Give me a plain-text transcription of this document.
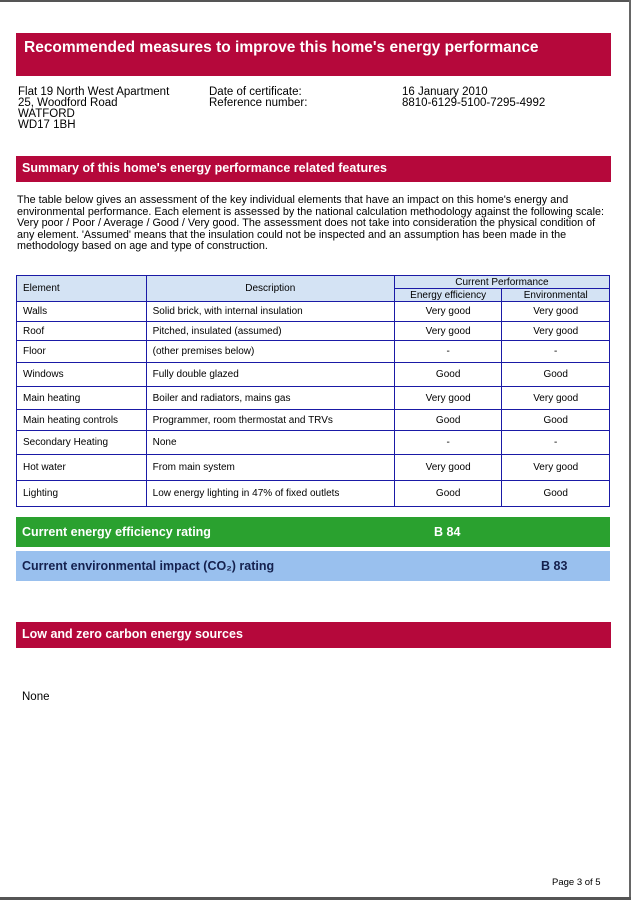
Recommended measures to improve this home's energy performance
Flat 19 North West Apartment
25, Woodford Road
WATFORD
WD17 1BH
Date of certificate:
Reference number:
16 January 2010
8810-6129-5100-7295-4992
Summary of this home's energy performance related features
The table below gives an assessment of the key individual elements that have an impact on this home's energy and environmental performance. Each element is assessed by the national calculation methodology against the following scale: Very poor / Poor / Average / Good / Very good. The assessment does not take into consideration the physical condition of any element. 'Assumed' means that the insulation could not be inspected and an assumption has been made in the methodology based on age and type of construction.
Element	Description	Current Performance	
		Energy efficiency	Environmental
Walls	Solid brick, with internal insulation	Very good	Very good
Roof	Pitched, insulated (assumed)	Very good	Very good
Floor	(other premises below)	-	-
Windows	Fully double glazed	Good	Good
Main heating	Boiler and radiators, mains gas	Very good	Very good
Main heating controls	Programmer, room thermostat and TRVs	Good	Good
Secondary Heating	None	-	-
Hot water	From main system	Very good	Very good
Lighting	Low energy lighting in 47% of fixed outlets	Good	Good
Current energy efficiency rating	B 84
Current environmental impact (CO₂) rating	B 83
Low and zero carbon energy sources
None
Page 3 of 5
